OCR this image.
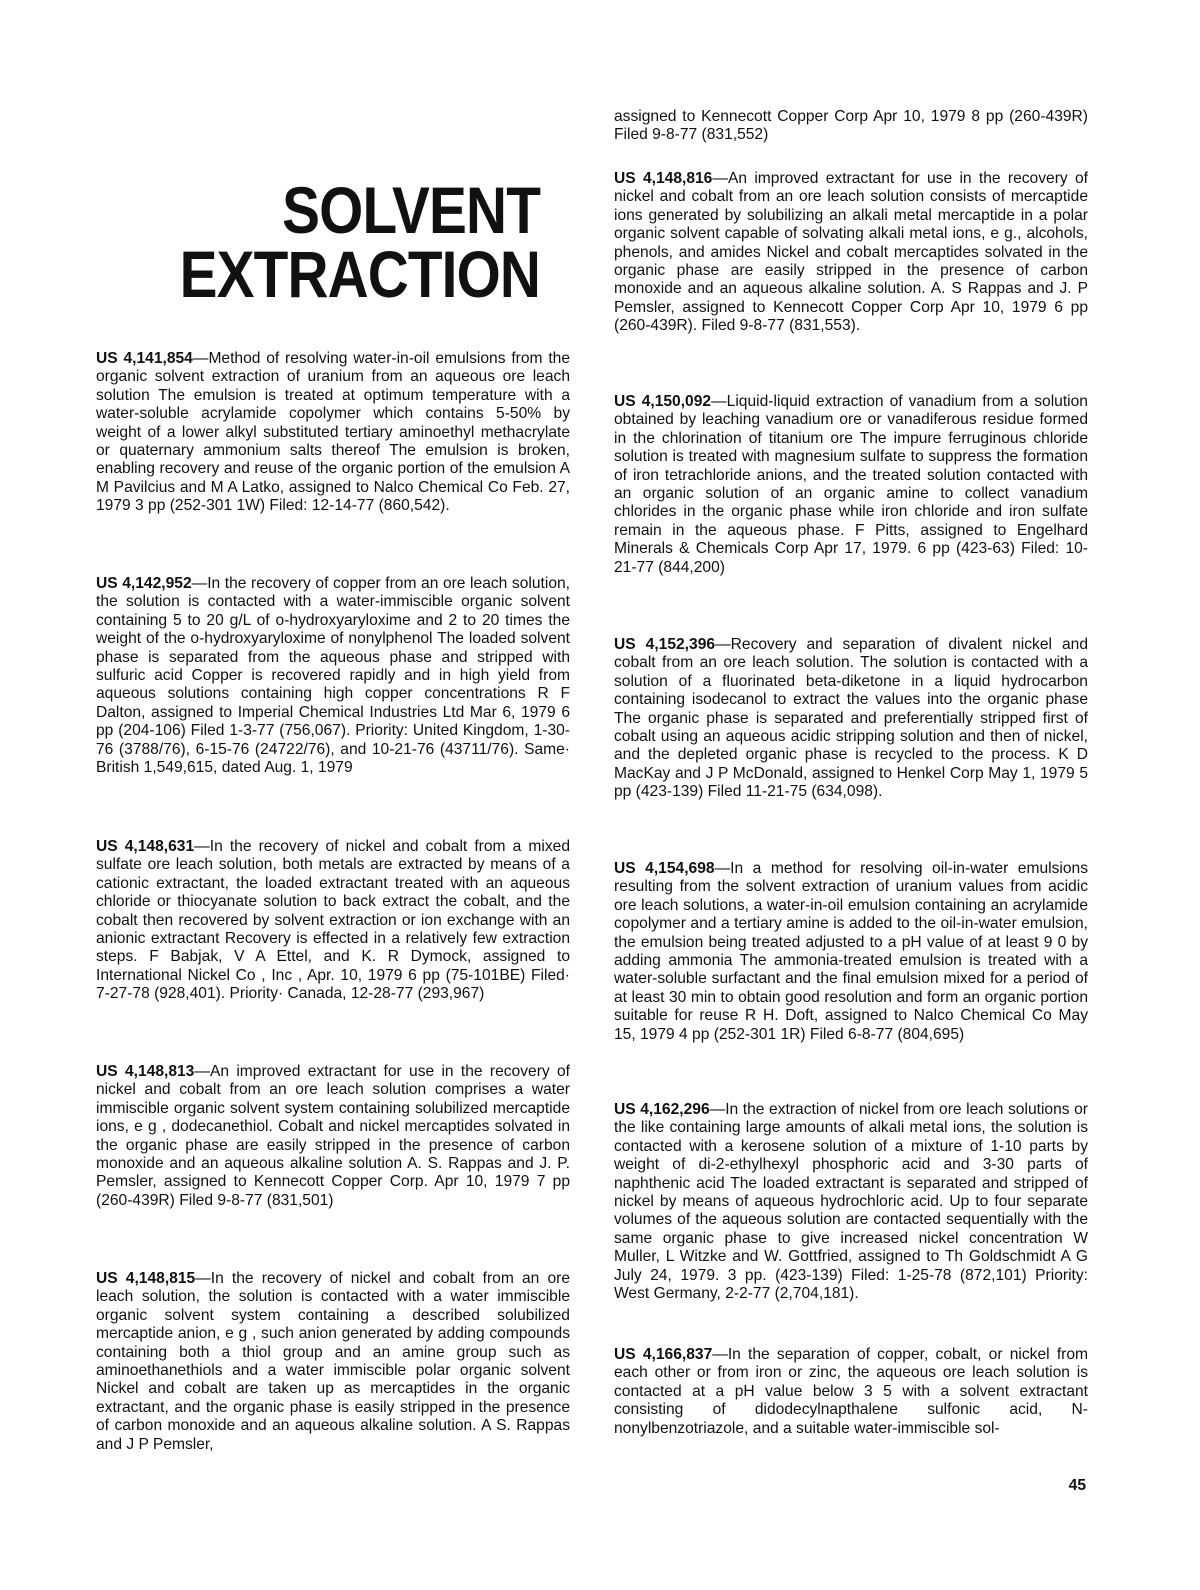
SOLVENT
EXTRACTION

US 4,141,854—Method of resolving water-in-oil emulsions from the organic solvent extraction of uranium from an aqueous ore leach solution The emulsion is treated at optimum temperature with a water-soluble acrylamide copolymer which contains 5-50% by weight of a lower alkyl substituted tertiary aminoethyl methacrylate or quaternary ammonium salts thereof The emulsion is broken, enabling recovery and reuse of the organic portion of the emulsion A M Pavilcius and M A Latko, assigned to Nalco Chemical Co Feb. 27, 1979 3 pp (252-301 1W) Filed: 12-14-77 (860,542).

US 4,142,952—In the recovery of copper from an ore leach solution, the solution is contacted with a water-immiscible organic solvent containing 5 to 20 g/L of o-hydroxyaryloxime and 2 to 20 times the weight of the o-hydroxyaryloxime of nonylphenol The loaded solvent phase is separated from the aqueous phase and stripped with sulfuric acid Copper is recovered rapidly and in high yield from aqueous solutions containing high copper concentrations R F Dalton, assigned to Imperial Chemical Industries Ltd Mar 6, 1979 6 pp (204-106) Filed 1-3-77 (756,067). Priority: United Kingdom, 1-30-76 (3788/76), 6-15-76 (24722/76), and 10-21-76 (43711/76). Same· British 1,549,615, dated Aug. 1, 1979

US 4,148,631—In the recovery of nickel and cobalt from a mixed sulfate ore leach solution, both metals are extracted by means of a cationic extractant, the loaded extractant treated with an aqueous chloride or thiocyanate solution to back extract the cobalt, and the cobalt then recovered by solvent extraction or ion exchange with an anionic extractant Recovery is effected in a relatively few extraction steps. F Babjak, V A Ettel, and K. R Dymock, assigned to International Nickel Co , Inc , Apr. 10, 1979 6 pp (75-101BE) Filed· 7-27-78 (928,401). Priority· Canada, 12-28-77 (293,967)

US 4,148,813—An improved extractant for use in the recovery of nickel and cobalt from an ore leach solution comprises a water immiscible organic solvent system containing solubilized mercaptide ions, e g , dodecanethiol. Cobalt and nickel mercaptides solvated in the organic phase are easily stripped in the presence of carbon monoxide and an aqueous alkaline solution A. S. Rappas and J. P. Pemsler, assigned to Kennecott Copper Corp. Apr 10, 1979 7 pp (260-439R) Filed 9-8-77 (831,501)

US 4,148,815—In the recovery of nickel and cobalt from an ore leach solution, the solution is contacted with a water immiscible organic solvent system containing a described solubilized mercaptide anion, e g , such anion generated by adding compounds containing both a thiol group and an amine group such as aminoethanethiols and a water immiscible polar organic solvent Nickel and cobalt are taken up as mercaptides in the organic extractant, and the organic phase is easily stripped in the presence of carbon monoxide and an aqueous alkaline solution. A S. Rappas and J P Pemsler,

assigned to Kennecott Copper Corp Apr 10, 1979 8 pp (260-439R) Filed 9-8-77 (831,552)

US 4,148,816—An improved extractant for use in the recovery of nickel and cobalt from an ore leach solution consists of mercaptide ions generated by solubilizing an alkali metal mercaptide in a polar organic solvent capable of solvating alkali metal ions, e g., alcohols, phenols, and amides Nickel and cobalt mercaptides solvated in the organic phase are easily stripped in the presence of carbon monoxide and an aqueous alkaline solution. A. S Rappas and J. P Pemsler, assigned to Kennecott Copper Corp Apr 10, 1979 6 pp (260-439R). Filed 9-8-77 (831,553).

US 4,150,092—Liquid-liquid extraction of vanadium from a solution obtained by leaching vanadium ore or vanadiferous residue formed in the chlorination of titanium ore The impure ferruginous chloride solution is treated with magnesium sulfate to suppress the formation of iron tetrachloride anions, and the treated solution contacted with an organic solution of an organic amine to collect vanadium chlorides in the organic phase while iron chloride and iron sulfate remain in the aqueous phase. F Pitts, assigned to Engelhard Minerals & Chemicals Corp Apr 17, 1979. 6 pp (423-63) Filed: 10-21-77 (844,200)

US 4,152,396—Recovery and separation of divalent nickel and cobalt from an ore leach solution. The solution is contacted with a solution of a fluorinated beta-diketone in a liquid hydrocarbon containing isodecanol to extract the values into the organic phase The organic phase is separated and preferentially stripped first of cobalt using an aqueous acidic stripping solution and then of nickel, and the depleted organic phase is recycled to the process. K D MacKay and J P McDonald, assigned to Henkel Corp May 1, 1979 5 pp (423-139) Filed 11-21-75 (634,098).

US 4,154,698—In a method for resolving oil-in-water emulsions resulting from the solvent extraction of uranium values from acidic ore leach solutions, a water-in-oil emulsion containing an acrylamide copolymer and a tertiary amine is added to the oil-in-water emulsion, the emulsion being treated adjusted to a pH value of at least 9 0 by adding ammonia The ammonia-treated emulsion is treated with a water-soluble surfactant and the final emulsion mixed for a period of at least 30 min to obtain good resolution and form an organic portion suitable for reuse R H. Doft, assigned to Nalco Chemical Co May 15, 1979 4 pp (252-301 1R) Filed 6-8-77 (804,695)

US 4,162,296—In the extraction of nickel from ore leach solutions or the like containing large amounts of alkali metal ions, the solution is contacted with a kerosene solution of a mixture of 1-10 parts by weight of di-2-ethylhexyl phosphoric acid and 3-30 parts of naphthenic acid The loaded extractant is separated and stripped of nickel by means of aqueous hydrochloric acid. Up to four separate volumes of the aqueous solution are contacted sequentially with the same organic phase to give increased nickel concentration W Muller, L Witzke and W. Gottfried, assigned to Th Goldschmidt A G July 24, 1979. 3 pp. (423-139) Filed: 1-25-78 (872,101) Priority: West Germany, 2-2-77 (2,704,181).

US 4,166,837—In the separation of copper, cobalt, or nickel from each other or from iron or zinc, the aqueous ore leach solution is contacted at a pH value below 3 5 with a solvent extractant consisting of didodecylnapthalene sulfonic acid, N-nonylbenzotriazole, and a suitable water-immiscible sol-

45
